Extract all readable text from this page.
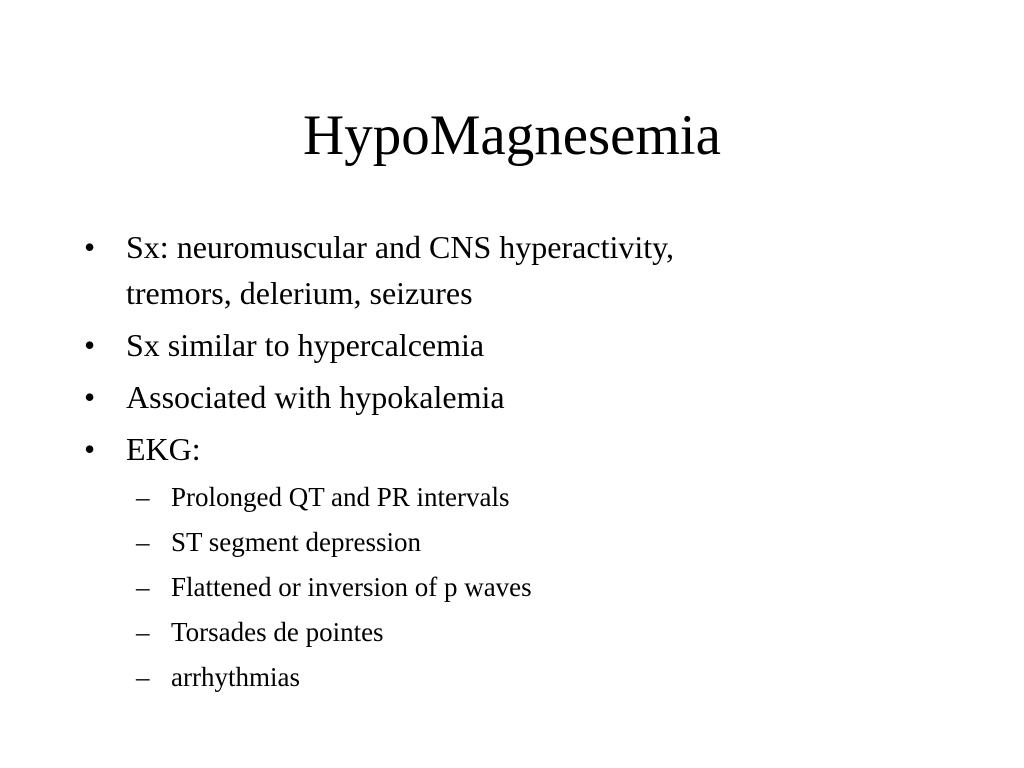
HypoMagnesemia
• Sx: neuromuscular and CNS hyperactivity,
tremors, delerium, seizures
• Sx similar to hypercalcemia
• Associated with hypokalemia
• EKG:
– Prolonged QT and PR intervals
– ST segment depression
– Flattened or inversion of p waves
– Torsades de pointes
– arrhythmias
